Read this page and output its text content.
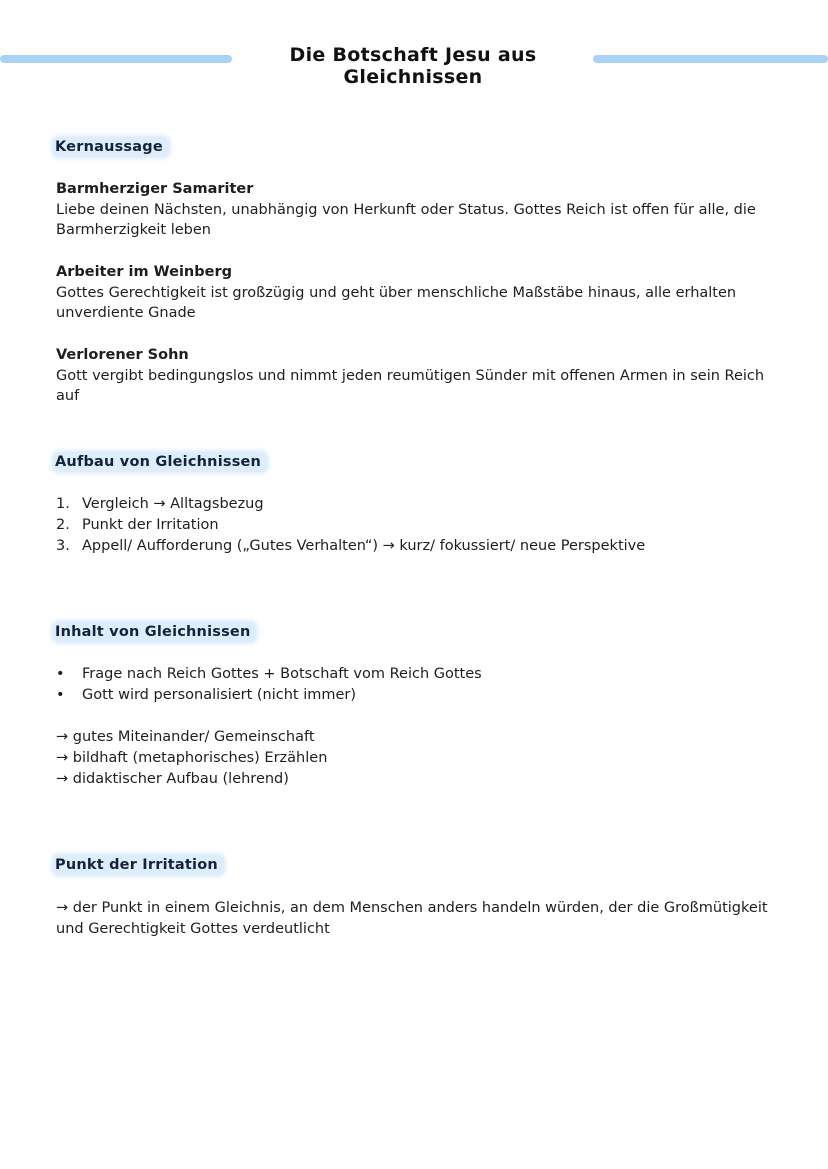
Die Botschaft Jesu aus Gleichnissen
Kernaussage
Barmherziger Samariter
Liebe deinen Nächsten, unabhängig von Herkunft oder Status. Gottes Reich ist offen für alle, die Barmherzigkeit leben
Arbeiter im Weinberg
Gottes Gerechtigkeit ist großzügig und geht über menschliche Maßstäbe hinaus, alle erhalten unverdiente Gnade
Verlorener Sohn
Gott vergibt bedingungslos und nimmt jeden reumütigen Sünder mit offenen Armen in sein Reich auf
Aufbau von Gleichnissen
1. Vergleich → Alltagsbezug
2. Punkt der Irritation
3. Appell/ Aufforderung („Gutes Verhalten“) → kurz/ fokussiert/ neue Perspektive
Inhalt von Gleichnissen
• Frage nach Reich Gottes + Botschaft vom Reich Gottes
• Gott wird personalisiert (nicht immer)
→ gutes Miteinander/ Gemeinschaft
→ bildhaft (metaphorisches) Erzählen
→ didaktischer Aufbau (lehrend)
Punkt der Irritation
→ der Punkt in einem Gleichnis, an dem Menschen anders handeln würden, der die Großmütigkeit und Gerechtigkeit Gottes verdeutlicht
